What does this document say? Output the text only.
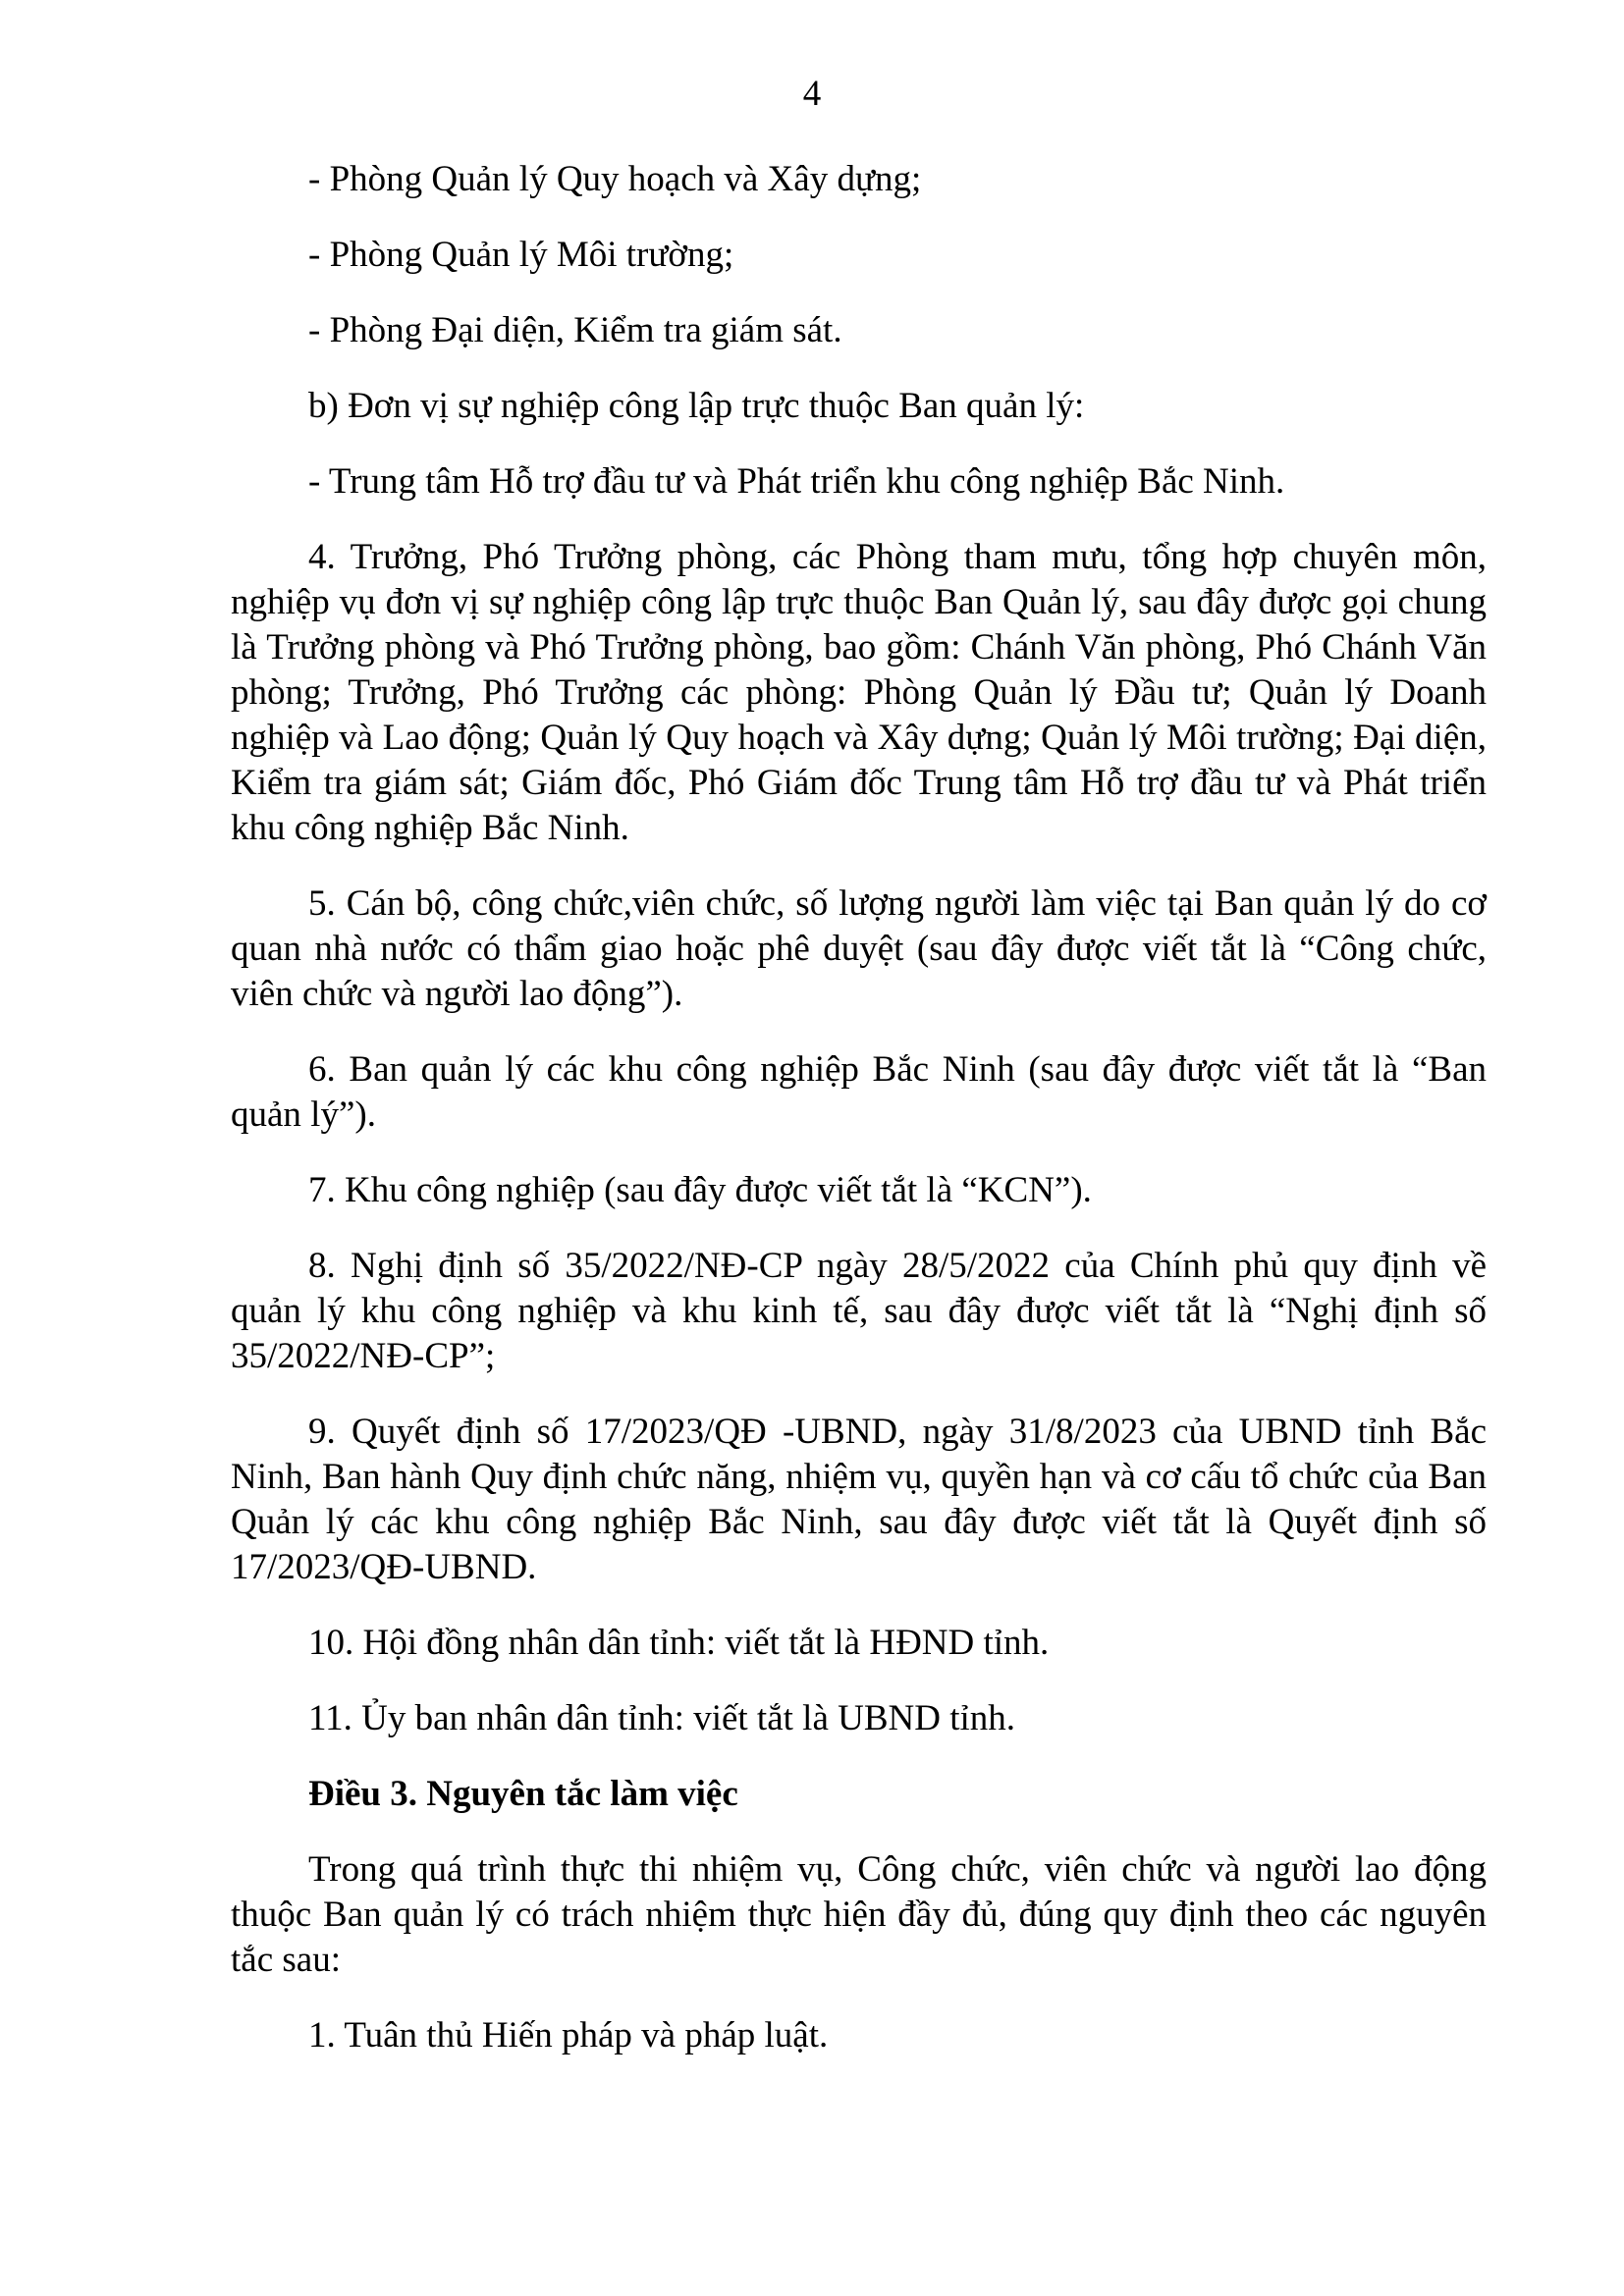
4

- Phòng Quản lý Quy hoạch và Xây dựng;

- Phòng Quản lý Môi trường;

- Phòng Đại diện, Kiểm tra giám sát.

b) Đơn vị sự nghiệp công lập trực thuộc Ban quản lý:

- Trung tâm Hỗ trợ đầu tư và Phát triển khu công nghiệp Bắc Ninh.

4. Trưởng, Phó Trưởng phòng, các Phòng tham mưu, tổng hợp chuyên môn, nghiệp vụ đơn vị sự nghiệp công lập trực thuộc Ban Quản lý, sau đây được gọi chung là Trưởng phòng và Phó Trưởng phòng, bao gồm: Chánh Văn phòng, Phó Chánh Văn phòng; Trưởng, Phó Trưởng các phòng: Phòng Quản lý Đầu tư; Quản lý Doanh nghiệp và Lao động; Quản lý Quy hoạch và Xây dựng; Quản lý Môi trường; Đại diện, Kiểm tra giám sát; Giám đốc, Phó Giám đốc Trung tâm Hỗ trợ đầu tư và Phát triển khu công nghiệp Bắc Ninh.

5. Cán bộ, công chức,viên chức, số lượng người làm việc tại Ban quản lý do cơ quan nhà nước có thẩm giao hoặc phê duyệt (sau đây được viết tắt là “Công chức, viên chức và người lao động”).

6. Ban quản lý các khu công nghiệp Bắc Ninh (sau đây được viết tắt là “Ban quản lý”).

7. Khu công nghiệp (sau đây được viết tắt là “KCN”).

8. Nghị định số 35/2022/NĐ-CP ngày 28/5/2022 của Chính phủ quy định về quản lý khu công nghiệp và khu kinh tế, sau đây được viết tắt là “Nghị định số 35/2022/NĐ-CP”;

9. Quyết định số 17/2023/QĐ -UBND, ngày 31/8/2023 của UBND tỉnh Bắc Ninh, Ban hành Quy định chức năng, nhiệm vụ, quyền hạn và cơ cấu tổ chức của Ban Quản lý các khu công nghiệp Bắc Ninh, sau đây được viết tắt là Quyết định số 17/2023/QĐ-UBND.

10. Hội đồng nhân dân tỉnh: viết tắt là HĐND tỉnh.

11. Ủy ban nhân dân tỉnh: viết tắt là UBND tỉnh.

Điều 3. Nguyên tắc làm việc

Trong quá trình thực thi nhiệm vụ, Công chức, viên chức và người lao động thuộc Ban quản lý có trách nhiệm thực hiện đầy đủ, đúng quy định theo các nguyên tắc sau:

1. Tuân thủ Hiến pháp và pháp luật.
